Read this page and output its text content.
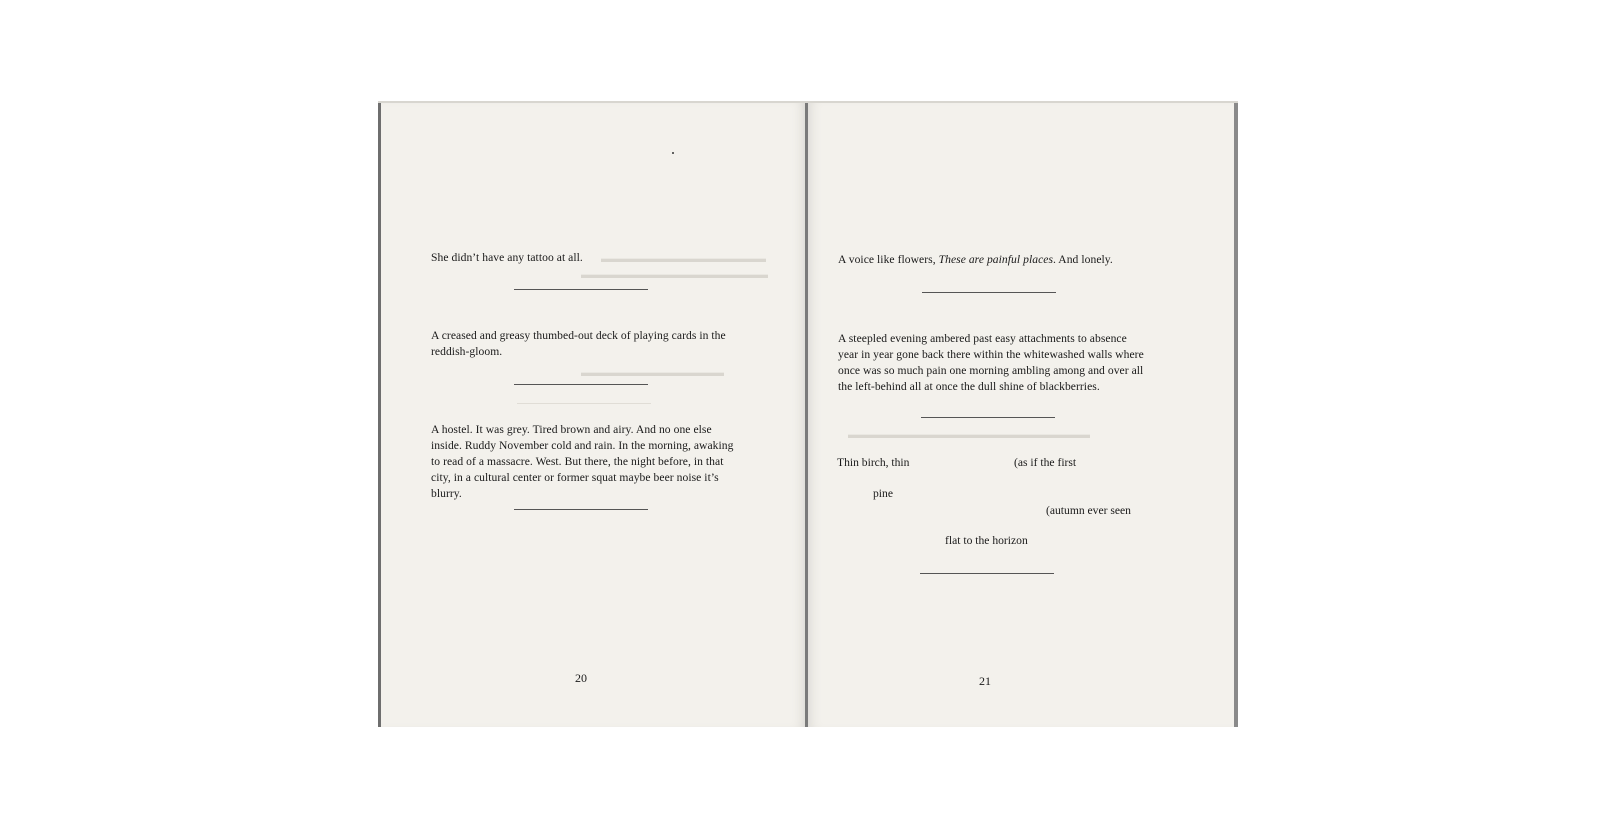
▬▬▬▬▬▬▬▬▬▬▬▬▬▬▬
▬▬▬▬▬▬▬▬▬▬▬▬▬▬▬▬▬
▬▬▬▬▬▬▬▬▬▬▬▬▬

She didn’t have any tattoo at all.

A creased and greasy thumbed-out deck of playing cards in the reddish-gloom.

A hostel. It was grey. Tired brown and airy. And no one else inside. Ruddy November cold and rain. In the morning, awaking to read of a massacre. West. But there, the night before, in that city, in a cultural center or former squat maybe beer noise it’s blurry.

20
▬▬▬▬▬▬▬▬▬▬▬▬▬▬▬▬▬▬▬▬▬▬

A voice like flowers, These are painful places. And lonely.

A steepled evening ambered past easy attachments to absence year in year gone back there within the whitewashed walls where once was so much pain one morning ambling among and over all the left-behind all at once the dull shine of blackberries.

Thin birch, thin	(as if the first

pine

(autumn ever seen

flat to the horizon

21
